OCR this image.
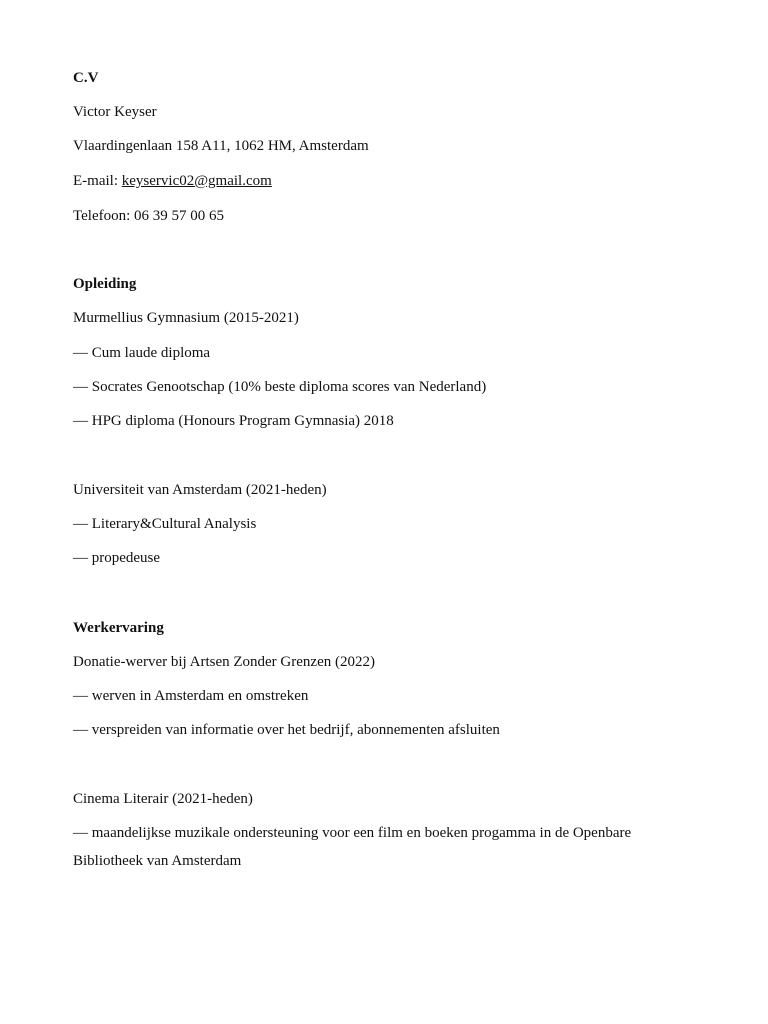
C.V
Victor Keyser
Vlaardingenlaan 158 A11, 1062 HM, Amsterdam
E-mail: keyservic02@gmail.com
Telefoon: 06 39 57 00 65
Opleiding
Murmellius Gymnasium (2015-2021)
— Cum laude diploma
— Socrates Genootschap (10% beste diploma scores van Nederland)
— HPG diploma (Honours Program Gymnasia) 2018
Universiteit van Amsterdam (2021-heden)
— Literary&Cultural Analysis
— propedeuse
Werkervaring
Donatie-werver bij Artsen Zonder Grenzen (2022)
— werven in Amsterdam en omstreken
— verspreiden van informatie over het bedrijf, abonnementen afsluiten
Cinema Literair (2021-heden)
— maandelijkse muzikale ondersteuning voor een film en boeken progamma in de Openbare Bibliotheek van Amsterdam
